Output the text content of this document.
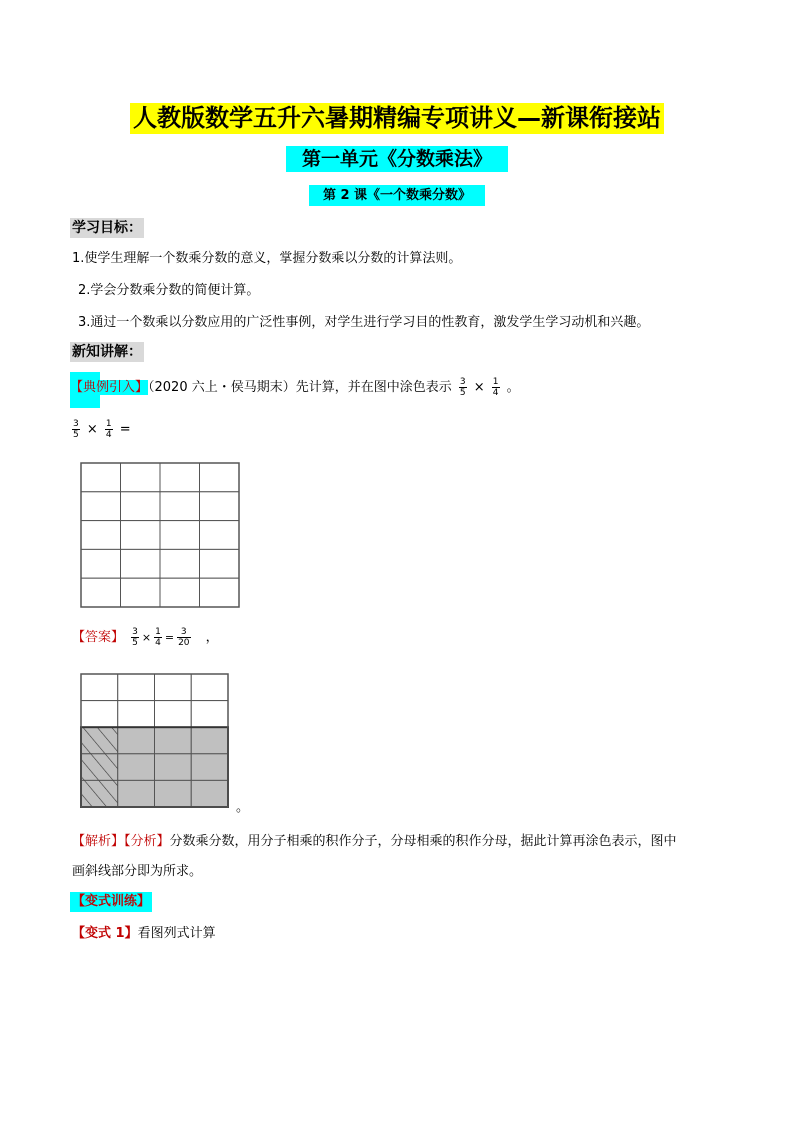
人教版数学五升六暑期精编专项讲义—新课衔接站
第一单元《分数乘法》
第 2 课《一个数乘分数》
学习目标：
1.使学生理解一个数乘分数的意义，掌握分数乘以分数的计算法则。
2.学会分数乘分数的简便计算。
3.通过一个数乘以分数应用的广泛性事例，对学生进行学习目的性教育，激发学生学习动机和兴趣。
新知讲解：
【典例引入】（2020 六上・侯马期末）先计算，并在图中涂色表示 $\frac{3}{5} \times \frac{1}{4}$ 。
$\frac{3}{5} \times \frac{1}{4}$ =
【答案】 $\frac{3}{5} \times \frac{1}{4} = \frac{3}{20}$ ，
。
【解析】【分析】分数乘分数，用分子相乘的积作分子，分母相乘的积作分母，据此计算再涂色表示，图中
画斜线部分即为所求。
【变式训练】
【变式 1】看图列式计算
